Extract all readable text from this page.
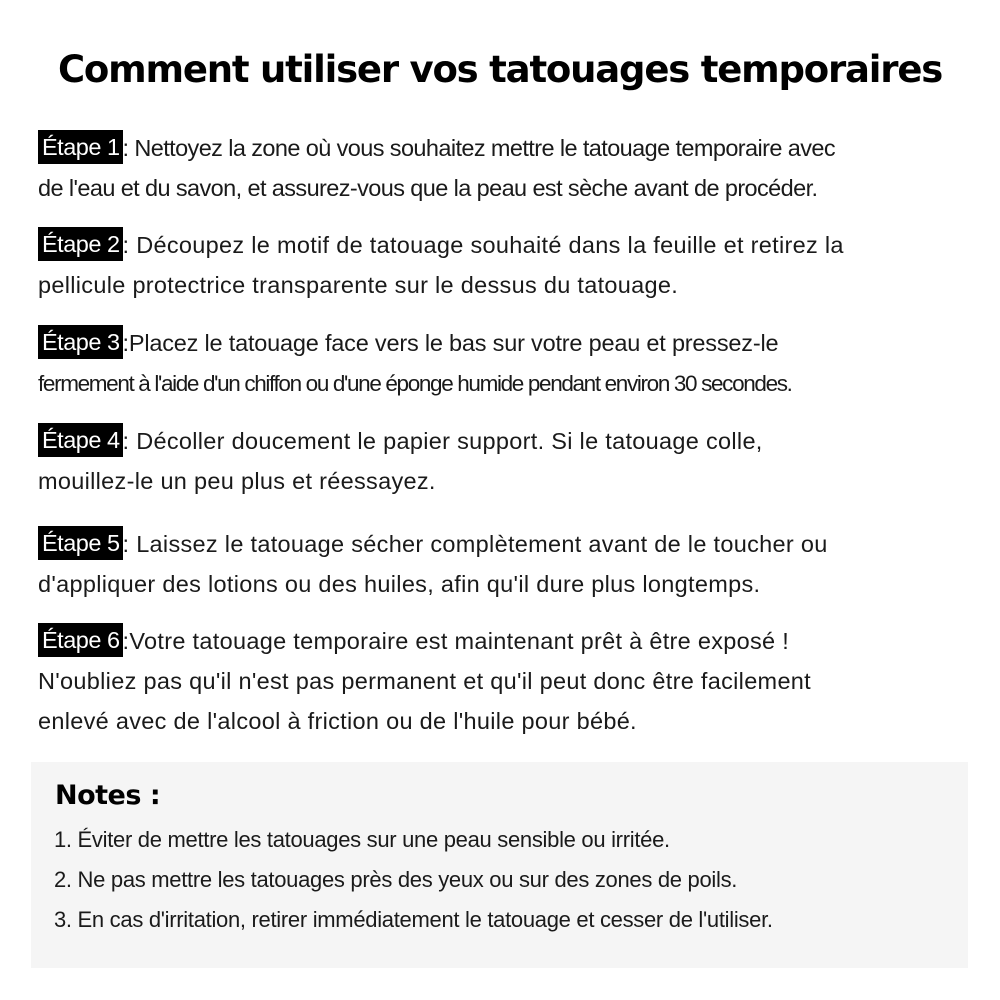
Comment utiliser vos tatouages temporaires

Étape 1 : Nettoyez la zone où vous souhaitez mettre le tatouage temporaire avec
de l'eau et du savon, et assurez-vous que la peau est sèche avant de procéder.

Étape 2 : Découpez le motif de tatouage souhaité dans la feuille et retirez la
pellicule protectrice transparente sur le dessus du tatouage.

Étape 3 :Placez le tatouage face vers le bas sur votre peau et pressez-le
fermement à l'aide d'un chiffon ou d'une éponge humide pendant environ 30 secondes.

Étape 4 : Décoller doucement le papier support. Si le tatouage colle,
mouillez-le un peu plus et réessayez.

Étape 5 : Laissez le tatouage sécher complètement avant de le toucher ou
d'appliquer des lotions ou des huiles, afin qu'il dure plus longtemps.

Étape 6 :Votre tatouage temporaire est maintenant prêt à être exposé !
N'oubliez pas qu'il n'est pas permanent et qu'il peut donc être facilement
enlevé avec de l'alcool à friction ou de l'huile pour bébé.

Notes :
1. Éviter de mettre les tatouages sur une peau sensible ou irritée.
2. Ne pas mettre les tatouages près des yeux ou sur des zones de poils.
3. En cas d'irritation, retirer immédiatement le tatouage et cesser de l'utiliser.
